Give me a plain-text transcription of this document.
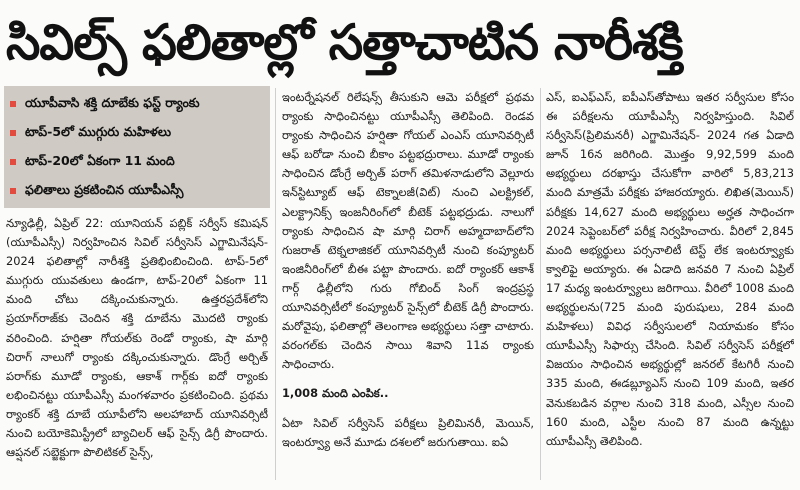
సివిల్స్ ఫలితాల్లో సత్తాచాటిన నారీశక్తి
యూపీవాసి శక్తి దూబేకు ఫస్ట్ ర్యాంకు
టాప్-5లో ముగ్గురు మహిళలు
టాప్-20లో ఏకంగా 11 మంది
ఫలితాలు ప్రకటించిన యూపీఎస్సీ

న్యూఢిల్లీ, ఏప్రిల్ 22: యూనియన్ పబ్లిక్ సర్వీస్ కమిషన్ (యూపీఎస్సీ) నిర్వహించిన సివిల్ సర్వీసెస్ ఎగ్జామినేషన్- 2024 ఫలితాల్లో నారీశక్తి ప్రతిభింబించింది. టాప్-5లో ముగ్గురు యువతులు ఉండగా, టాప్-20లో ఏకంగా 11 మంది చోటు దక్కించుకున్నారు. ఉత్తరప్రదేశ్‌లోని ప్రయాగ్‌రాజ్‌కు చెందిన శక్తి దూబేను మొదటి ర్యాంకు వరించింది. హర్షితా గోయల్‌కు రెండో ర్యాంకు, షా మార్గి చిరాగ్ నాలుగో ర్యాంకు దక్కించుకున్నారు. డొంగ్రే అర్చిత్ పరాగ్‌కు మూడో ర్యాంకు, ఆకాశ్ గార్గ్‌కు ఐదో ర్యాంకు లభించినట్టు యూపీఎస్సీ మంగళవారం ప్రకటించింది. ప్రథమ ర్యాంకర్ శక్తి దూబే యూపీలోని అలహాబాద్ యూనివర్సిటీ నుంచి బయోకెమిస్ట్రీలో బ్యాచిలర్ ఆఫ్ సైన్స్ డిగ్రీ పొందారు. ఆప్షనల్ సబ్జెక్టుగా పొలిటికల్ సైన్స్,

ఇంటర్నేషనల్ రిలేషన్స్ తీసుకుని ఆమె పరీక్షలో ప్రథమ ర్యాంకు సాధించినట్టు యూపీఎస్సీ తెలిపింది. రెండవ ర్యాంకు సాధించిన హర్షితా గోయల్ ఎంఎస్ యూనివర్సిటీ ఆఫ్ బరోడా నుంచి బీకాం పట్టభద్రురాలు. మూడో ర్యాంకు సాధించిన డోంగ్రే అర్చిత్ పరాగ్ తమిళనాడులోని వెల్లూరు ఇన్‌స్టిట్యూట్ ఆఫ్ టెక్నాలజీ(విట్) నుంచి ఎలక్ట్రికల్, ఎలక్ట్రానిక్స్ ఇంజనీరింగ్‌లో బీటెక్ పట్టభద్రుడు. నాలుగో ర్యాంకు సాధించిన షా మార్గి చిరాగ్ అహ్మదాబాద్‌లోని గుజరాత్ టెక్నలాజికల్ యూనివర్సిటీ నుంచి కంప్యూటర్ ఇంజినీరింగ్‌లో బీఈ పట్టా పొందారు. ఐదో ర్యాంకర్ ఆకాశ్ గార్గ్ ఢిల్లీలోని గురు గోబింద్ సింగ్ ఇంద్రప్రస్థ యూనివర్సిటీలో కంప్యూటర్ సైన్స్‌లో బీటెక్ డిగ్రీ పొందారు. మరోవైపు, ఫలితాల్లో తెలంగాణ అభ్యర్థులు సత్తా చాటారు. వరంగల్‌కు చెందిన సాయి శివాని 11వ ర్యాంకు సాధించారు.

1,008 మంది ఎంపిక..

ఏటా సివిల్ సర్వీసెస్ పరీక్షలు ప్రిలిమినరీ, మెయిన్, ఇంటర్వ్యూ అనే మూడు దశలలో జరుగుతాయి. ఐఏ

ఎస్, ఐఎఫ్ఎస్, ఐపీఎస్‌తోపాటు ఇతర సర్వీసుల కోసం ఈ పరీక్షలను యూపీఎస్సీ నిర్వహిస్తుంది. సివిల్ సర్వీసెస్(ప్రిలిమనరీ) ఎగ్జామినేషన్- 2024 గత ఏడాది జూన్ 16న జరిగింది. మొత్తం 9,92,599 మంది అభ్యర్థులు దరఖాస్తు చేసుకోగా వారిలో 5,83,213 మంది మాత్రమే పరీక్షకు హాజరయ్యారు. లిఖిత(మెయిన్) పరీక్షకు 14,627 మంది అభ్యర్థులు అర్హత సాధించగా 2024 సెప్టెంబర్‌లో పరీక్ష నిర్వహించారు. వీరిలో 2,845 మంది అభ్యర్థులు పర్సనాలిటీ టెస్ట్ లేక ఇంటర్వ్యూకు క్వాలిఫై అయ్యారు. ఈ ఏడాది జనవరి 7 నుంచి ఏప్రిల్ 17 మధ్య ఇంటర్వ్యూలు జరిగాయి. వీరిలో 1008 మంది అభ్యర్థులను(725 మంది పురుషులు, 284 మంది మహిళలు) వివిధ సర్వీసులలో నియామకం కోసం యూపీఎస్సీ సిఫార్సు చేసింది. సివిల్ సర్వీసెస్ పరీక్షలో విజయం సాధించిన అభ్యర్థుల్లో జనరల్ కేటగిరీ నుంచి 335 మంది, ఈడబ్ల్యూఎస్ నుంచి 109 మంది, ఇతర వెనుకబడిన వర్గాల నుంచి 318 మంది, ఎస్సీల నుంచి 160 మంది, ఎస్టీల నుంచి 87 మంది ఉన్నట్టు యూపీఎస్సీ తెలిపింది.
